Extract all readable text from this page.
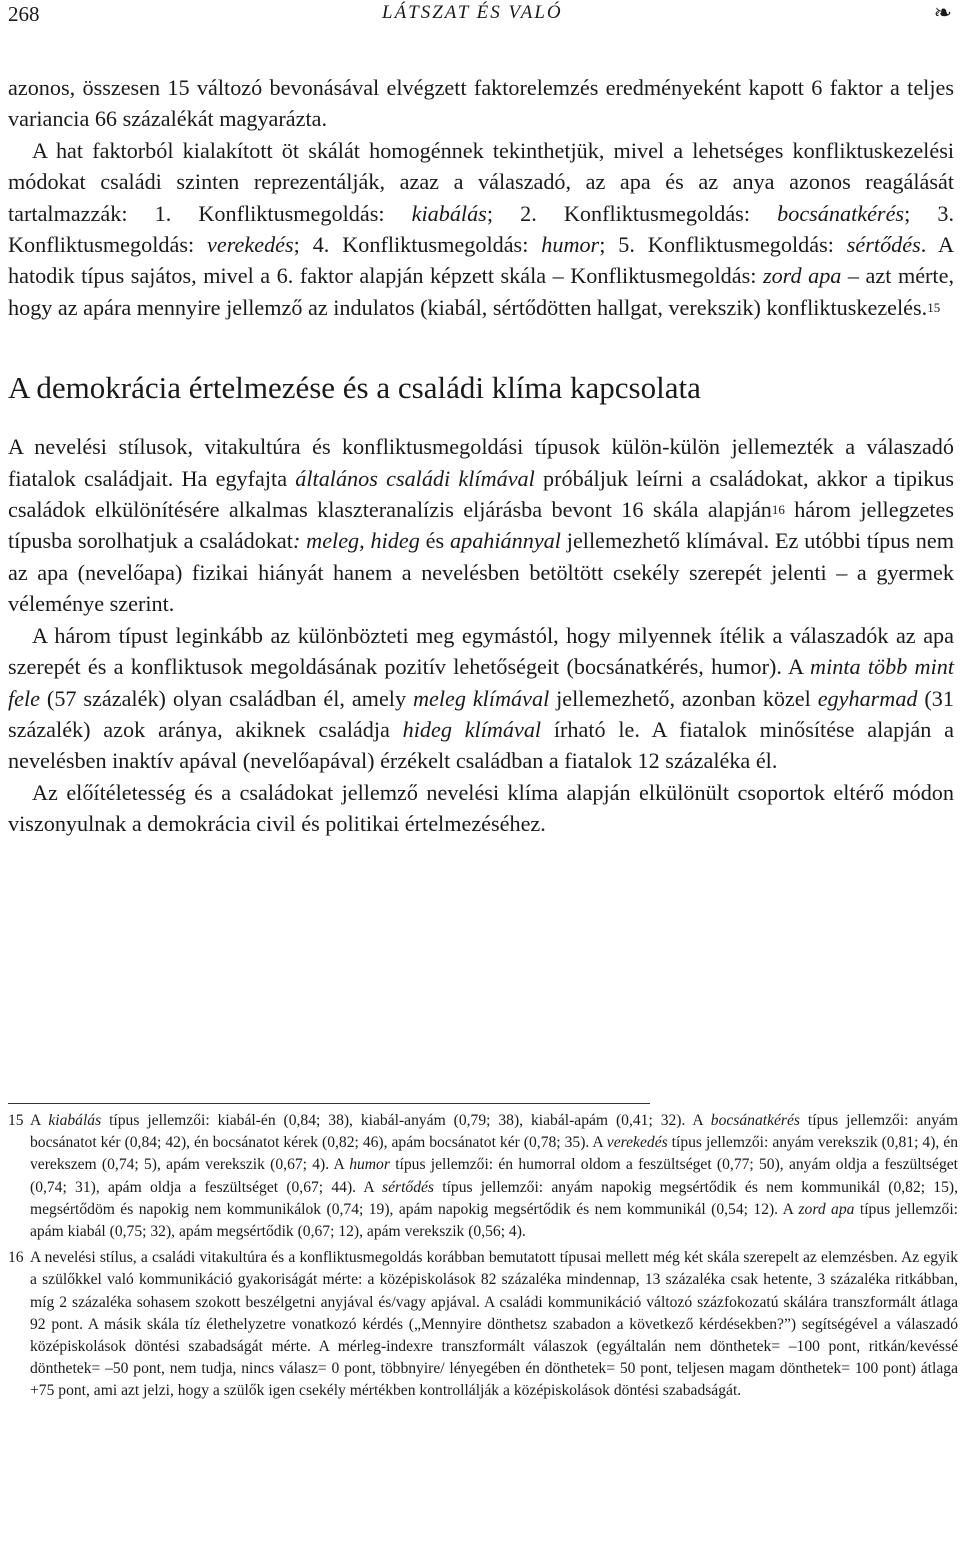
268	LÁTSZAT ÉS VALÓ	❧

azonos, összesen 15 változó bevonásával elvégzett faktorelemzés eredményeként kapott 6 faktor a teljes variancia 66 százalékát magyarázta.
A hat faktorból kialakított öt skálát homogénnek tekinthetjük, mivel a lehetséges konfliktuskezelési módokat családi szinten reprezentálják, azaz a válaszadó, az apa és az anya azonos reagálását tartalmazzák: 1. Konfliktusmegoldás: kiabálás; 2. Konfliktusmegoldás: bocsánatkérés; 3. Konfliktusmegoldás: verekedés; 4. Konfliktusmegoldás: humor; 5. Konfliktusmegoldás: sértődés. A hatodik típus sajátos, mivel a 6. faktor alapján képzett skála – Konfliktusmegoldás: zord apa – azt mérte, hogy az apára mennyire jellemző az indulatos (kiabál, sértődötten hallgat, verekszik) konfliktuskezelés.$^{15}$

A demokrácia értelmezése és a családi klíma kapcsolata

A nevelési stílusok, vitakultúra és konfliktusmegoldási típusok külön-külön jellemezték a válaszadó fiatalok családjait. Ha egyfajta általános családi klímával próbáljuk leírni a családokat, akkor a tipikus családok elkülönítésére alkalmas klaszteranalízis eljárásba bevont 16 skála alapján$^{16}$ három jellegzetes típusba sorolhatjuk a családokat: meleg, hideg és apahiánnyal jellemezhető klímával. Ez utóbbi típus nem az apa (nevelőapa) fizikai hiányát hanem a nevelésben betöltött csekély szerepét jelenti – a gyermek véleménye szerint.

A három típust leginkább az különbözteti meg egymástól, hogy milyennek ítélik a válaszadók az apa szerepét és a konfliktusok megoldásának pozitív lehetőségeit (bocsánatkérés, humor). A minta több mint fele (57 százalék) olyan családban él, amely meleg klímával jellemezhető, azonban közel egyharmad (31 százalék) azok aránya, akiknek családja hideg klímával írható le. A fiatalok minősítése alapján a nevelésben inaktív apával (nevelőapával) érzékelt családban a fiatalok 12 százaléka él.

Az előítéletesség és a családokat jellemző nevelési klíma alapján elkülönült csoportok eltérő módon viszonyulnak a demokrácia civil és politikai értelmezéséhez.

15 A kiabálás típus jellemzői: kiabál-én (0,84; 38), kiabál-anyám (0,79; 38), kiabál-apám (0,41; 32). A bocsánatkérés típus jellemzői: anyám bocsánatot kér (0,84; 42), én bocsánatot kérek (0,82; 46), apám bocsánatot kér (0,78; 35). A verekedés típus jellemzői: anyám verekszik (0,81; 4), én verekszem (0,74; 5), apám verekszik (0,67; 4). A humor típus jellemzői: én humorral oldom a feszültséget (0,77; 50), anyám oldja a feszültséget (0,74; 31), apám oldja a feszültséget (0,67; 44). A sértődés típus jellemzői: anyám napokig megsértődik és nem kommunikál (0,82; 15), megsértődöm és napokig nem kommunikálok (0,74; 19), apám napokig megsértődik és nem kommunikál (0,54; 12). A zord apa típus jellemzői: apám kiabál (0,75; 32), apám megsértődik (0,67; 12), apám verekszik (0,56; 4).

16 A nevelési stílus, a családi vitakultúra és a konfliktusmegoldás korábban bemutatott típusai mellett még két skála szerepelt az elemzésben. Az egyik a szülőkkel való kommunikáció gyakoriságát mérte: a középiskolások 82 százaléka mindennap, 13 százaléka csak hetente, 3 százaléka ritkábban, míg 2 százaléka sohasem szokott beszélgetni anyjával és/vagy apjával. A családi kommunikáció változó százfokozatú skálára transzformált átlaga 92 pont. A másik skála tíz élethelyzetre vonatkozó kérdés („Mennyire dönthetsz szabadon a következő kérdésekben?”) segítségével a válaszadó középiskolások döntési szabadságát mérte. A mérleg-indexre transzformált válaszok (egyáltalán nem dönthetek= –100 pont, ritkán/kevéssé dönthetek= –50 pont, nem tudja, nincs válasz= 0 pont, többnyire/ lényegében én dönthetek= 50 pont, teljesen magam dönthetek= 100 pont) átlaga +75 pont, ami azt jelzi, hogy a szülők igen csekély mértékben kontrollálják a középiskolások döntési szabadságát.
